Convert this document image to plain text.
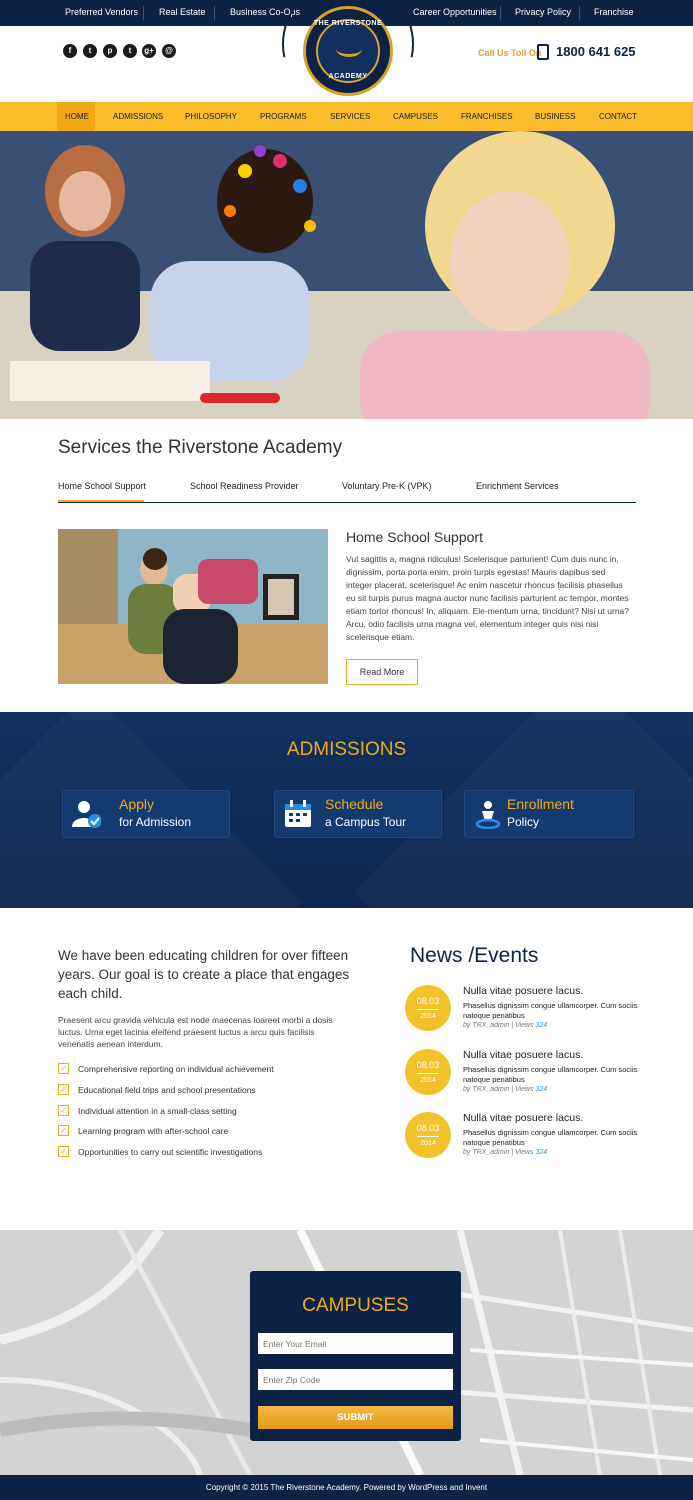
Preferred Vendors Real Estate	Business Co-Ops	Career Opportunities Privacy Policy	Franchise
f	t	p	t	g+	@	Call Us Toll On 1800 641 625
THE RIVERSTONE
ACADEMY
HOME	ADMISSIONS	PHILOSOPHY	PROGRAMS	SERVICES	CAMPUSES	FRANCHISES	BUSINESS	CONTACT
Services the Riverstone Academy
Home School Support	School Readiness Provider	Voluntary Pre-K (VPK)	Enrichment Services
Home School Support
Vut sagittis a, magna ridiculus! Scelerisque parturient! Cum duis nunc in, dignissim, porta porta enim, proin turpis egestas! Mauris dapibus sed integer placerat, scelerisque! Ac enim nascetur rhoncus facilisis phasellus eu sit turpis purus magna auctor nunc facilisis parturient ac tempor, montes etiam tortor rhoncus! In, aliquam. Ele-mentum urna, tincidunt? Nisi ut urna? Arcu, odio facilisis urna magna vel, elementum integer quis nisi nisi scelerisque etiam.
Read More
ADMISSIONS
Apply
for Admission
Schedule
a Campus Tour
Enrollment
Policy
We have been educating children for over fifteen years. Our goal is to create a place that engages each child.
Praesent arcu gravida vehicula est node maecenas loareet morbi a dosis luctus. Urna eget lacinia eleifend praesent luctus a arcu quis facilisis venenatis aenean interdum.
✓ Comprehensive reporting on individual achievement
✓ Educational field trips and school presentations
✓ Individual attention in a small-class setting
✓ Learning program with after-school care
✓ Opportunities to carry out scientific investigations
News /Events
08.03
2014
Nulla vitae posuere lacus.
Phasellus dignissim congue ullamcorper. Cum sociis natoque penatibus
by TRX_admin | Views 324
08.03
2014
Nulla vitae posuere lacus.
Phasellus dignissim congue ullamcorper. Cum sociis natoque penatibus
by TRX_admin | Views 324
08.03
2014
Nulla vitae posuere lacus.
Phasellus dignissim congue ullamcorper. Cum sociis natoque penatibus
by TRX_admin | Views 324
CAMPUSES
Enter Your Email
Enter Zip Code
SUBMIT
Copyright © 2015 The Riverstone Academy. Powered by WordPress and Invent
